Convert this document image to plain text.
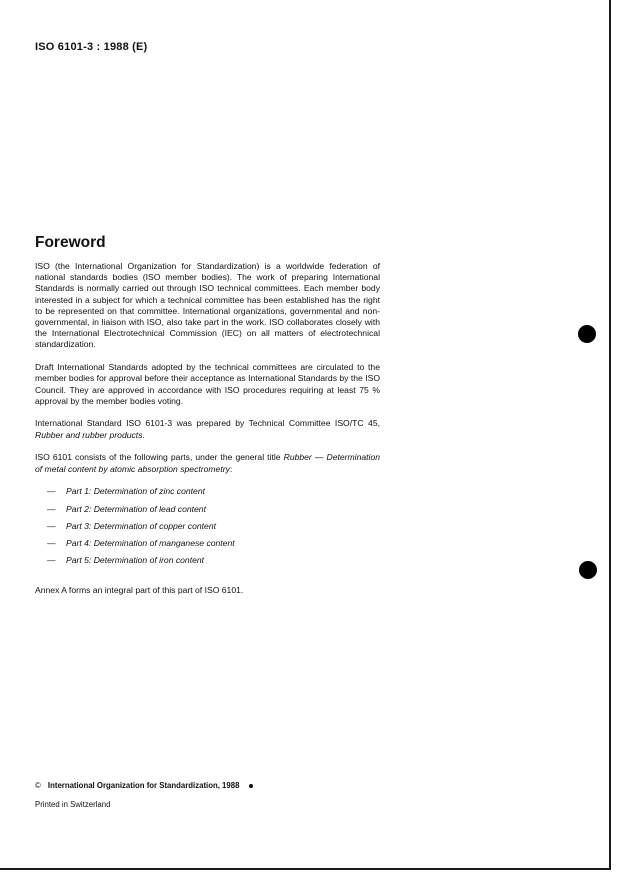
ISO 6101-3 : 1988 (E)
Foreword

ISO (the International Organization for Standardization) is a worldwide federation of national standards bodies (ISO member bodies). The work of preparing International Standards is normally carried out through ISO technical committees. Each member body interested in a subject for which a technical committee has been established has the right to be represented on that committee. International organizations, governmental and non-governmental, in liaison with ISO, also take part in the work. ISO collaborates closely with the International Electrotechnical Commission (IEC) on all matters of electrotechnical standardization.

Draft International Standards adopted by the technical committees are circulated to the member bodies for approval before their acceptance as International Standards by the ISO Council. They are approved in accordance with ISO procedures requiring at least 75 % approval by the member bodies voting.

International Standard ISO 6101-3 was prepared by Technical Committee ISO/TC 45, Rubber and rubber products.

ISO 6101 consists of the following parts, under the general title Rubber — Determination of metal content by atomic absorption spectrometry:

— Part 1: Determination of zinc content
— Part 2: Determination of lead content
— Part 3: Determination of copper content
— Part 4: Determination of manganese content
— Part 5: Determination of iron content

Annex A forms an integral part of this part of ISO 6101.

© International Organization for Standardization, 1988
Printed in Switzerland
